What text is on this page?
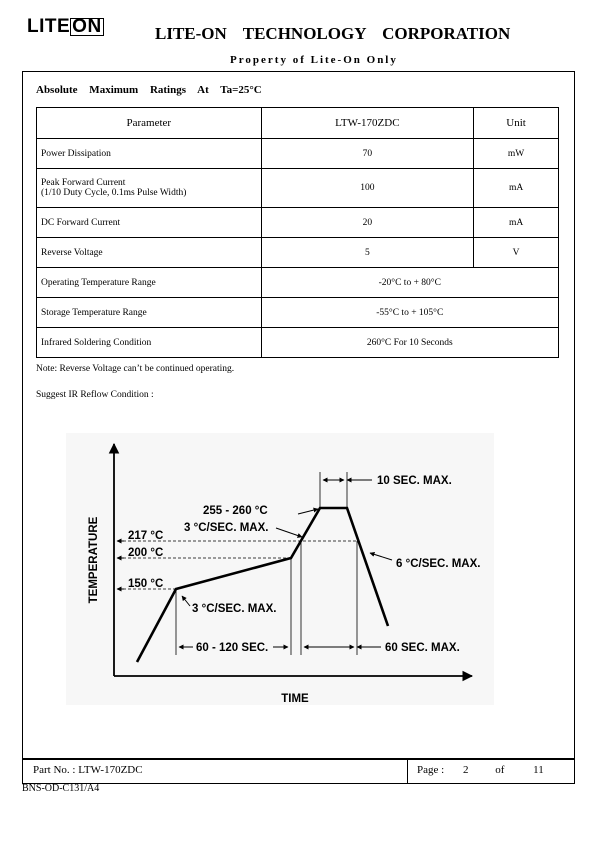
LITE ON	LITE-ON TECHNOLOGY CORPORATION
Property of Lite-On Only
Absolute Maximum Ratings At Ta=25°C
Parameter	LTW-170ZDC	Unit
Power Dissipation	70	mW

Peak Forward Current
(1/10 Duty Cycle, 0.1ms Pulse Width)	100	mA
DC Forward Current	20	mA
Reverse Voltage	5	V
Operating Temperature Range	-20°C to + 80°C	
Storage Temperature Range	-55°C to + 105°C	
Infrared Soldering Condition	260°C For 10 Seconds	
Note: Reverse Voltage can’t be continued operating.
Suggest IR Reflow Condition :
TEMPERATURE
TIME
217 °C
200 °C
150 °C
255 - 260 °C
3 °C/SEC. MAX.
3 °C/SEC. MAX.
6 °C/SEC. MAX.
10 SEC. MAX.
60 - 120 SEC.	60 SEC. MAX.
Part No. : LTW-170ZDC	Page : 2 of	11
BNS-OD-C131/A4
